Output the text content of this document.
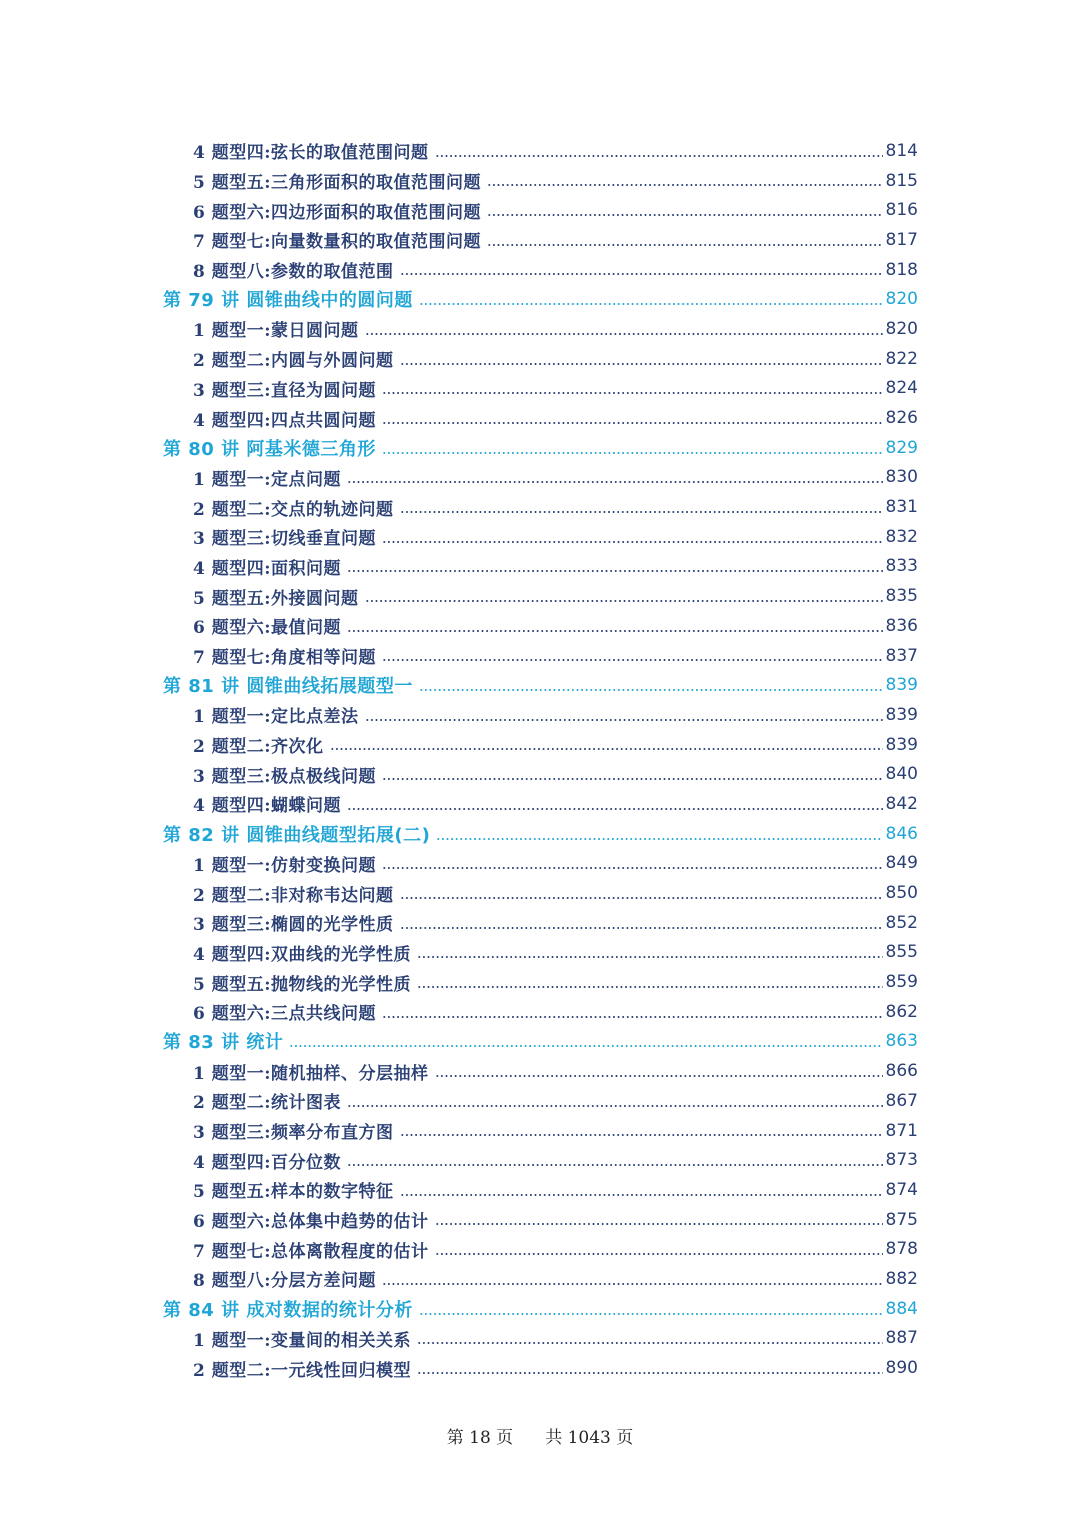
4 题型四:弦长的取值范围问题	814
5 题型五:三角形面积的取值范围问题	815
6 题型六:四边形面积的取值范围问题	816
7 题型七:向量数量积的取值范围问题	817
8 题型八:参数的取值范围	818
第 79 讲 圆锥曲线中的圆问题	820
1 题型一:蒙日圆问题	820
2 题型二:内圆与外圆问题	822
3 题型三:直径为圆问题	824
4 题型四:四点共圆问题	826
第 80 讲 阿基米德三角形	829
1 题型一:定点问题	830
2 题型二:交点的轨迹问题	831
3 题型三:切线垂直问题	832
4 题型四:面积问题	833
5 题型五:外接圆问题	835
6 题型六:最值问题	836
7 题型七:角度相等问题	837
第 81 讲 圆锥曲线拓展题型一	839
1 题型一:定比点差法	839
2 题型二:齐次化	839
3 题型三:极点极线问题	840
4 题型四:蝴蝶问题	842
第 82 讲 圆锥曲线题型拓展(二)	846
1 题型一:仿射变换问题	849
2 题型二:非对称韦达问题	850
3 题型三:椭圆的光学性质	852
4 题型四:双曲线的光学性质	855
5 题型五:抛物线的光学性质	859
6 题型六:三点共线问题	862
第 83 讲 统计	863
1 题型一:随机抽样、分层抽样	866
2 题型二:统计图表	867
3 题型三:频率分布直方图	871
4 题型四:百分位数	873
5 题型五:样本的数字特征	874
6 题型六:总体集中趋势的估计	875
7 题型七:总体离散程度的估计	878
8 题型八:分层方差问题	882
第 84 讲 成对数据的统计分析	884
1 题型一:变量间的相关关系	887
2 题型二:一元线性回归模型	890
第 18 页 共 1043 页
